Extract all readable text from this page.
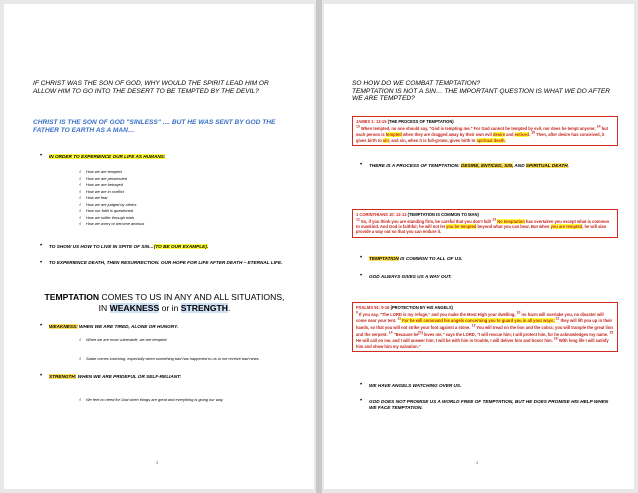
IF CHRIST WAS THE SON OF GOD, WHY WOULD THE SPIRIT LEAD HIM OR ALLOW HIM TO GO INTO THE DESERT TO BE TEMPTED BY THE DEVIL?
CHRIST IS THE SON OF GOD "SINLESS" .... BUT HE WAS SENT BY GOD THE FATHER TO EARTH AS A MAN…
IN ORDER TO EXPERIENCE OUR LIFE AS HUMANS:
√ How we are tempted
√ How we are persecuted
√ How we are betrayed
√ How we are in conflict
√ How we fear
√ How we are judged by others
√ How our faith is questioned
√ How we suffer through trials
√ How we worry or become anxious
TO SHOW US HOW TO LIVE IN SPITE OF SIN…(TO BE OUR EXAMPLE).
TO EXPERIENCE DEATH, THEN RESURRECTION. OUR HOPE FOR LIFE AFTER DEATH – ETERNAL LIFE.
TEMPTATION COMES TO US IN ANY AND ALL SITUATIONS,
IN WEAKNESS or in STRENGTH.
WEAKNESS: WHEN WE ARE TIRED, ALONE OR HUNGRY.
√ When we are most vulnerable, we are tempted.
√ Satan comes knocking, especially when something bad has happened to us or we receive bad news.
STRENGTH: WHEN WE ARE PRIDEFUL OR SELF-RELIANT:
√ We feel no need for God when things are great and everything is going our way.
3
SO HOW DO WE COMBAT TEMPTATION?
TEMPTATION IS NOT A SIN… THE IMPORTANT QUESTION IS WHAT WE DO AFTER WE ARE TEMPTED?
JAMES 1: 13-15 (THE PROCESS OF TEMPTATION)
$^{13}$ When tempted, no one should say, "God is tempting me." For God cannot be tempted by evil, nor does he tempt anyone; $^{14}$ but each person is tempted when they are dragged away by their own evil desire and enticed. $^{15}$ Then, after desire has conceived, it gives birth to sin; and sin, when it is full-grown, gives birth to spiritual death.
THERE IS A PROCESS OF TEMPTATION: DESIRE, ENTICED, SIN, AND SPIRITUAL DEATH.
1 CORINTHIANS 10: 12-13 (TEMPTATION IS COMMON TO MAN)
$^{12}$ So, if you think you are standing firm, be careful that you don't fall! $^{13}$ No temptation has overtaken you except what is common to mankind. And God is faithful; he will not let you be tempted beyond what you can bear. But when you are tempted, he will also provide a way out so that you can endure it.
TEMPTATION IS COMMON TO ALL OF US.
GOD ALWAYS GIVES US A WAY OUT.
PSALMS 91: 9-16 (PROTECTION BY HIS ANGELS)
$^9$ If you say, "The LORD is my refuge," and you make the Most High your dwelling, $^{10}$ no harm will overtake you, no disaster will come near your tent. $^{11}$ For he will command his angels concerning you to guard you in all your ways; $^{12}$ they will lift you up in their hands, so that you will not strike your foot against a stone. $^{13}$ You will tread on the lion and the cobra; you will trample the great lion and the serpent. $^{14}$ "Because he[b] loves me," says the LORD, "I will rescue him; I will protect him, for he acknowledges my name. $^{15}$ He will call on me, and I will answer him; I will be with him in trouble, I will deliver him and honor him. $^{16}$ With long life I will satisfy him and show him my salvation."
WE HAVE ANGELS WATCHING OVER US.
GOD DOES NOT PROMISE US A WORLD FREE OF TEMPTATION, BUT HE DOES PROMISE HIS HELP WHEN WE FACE TEMPTATION.
4
